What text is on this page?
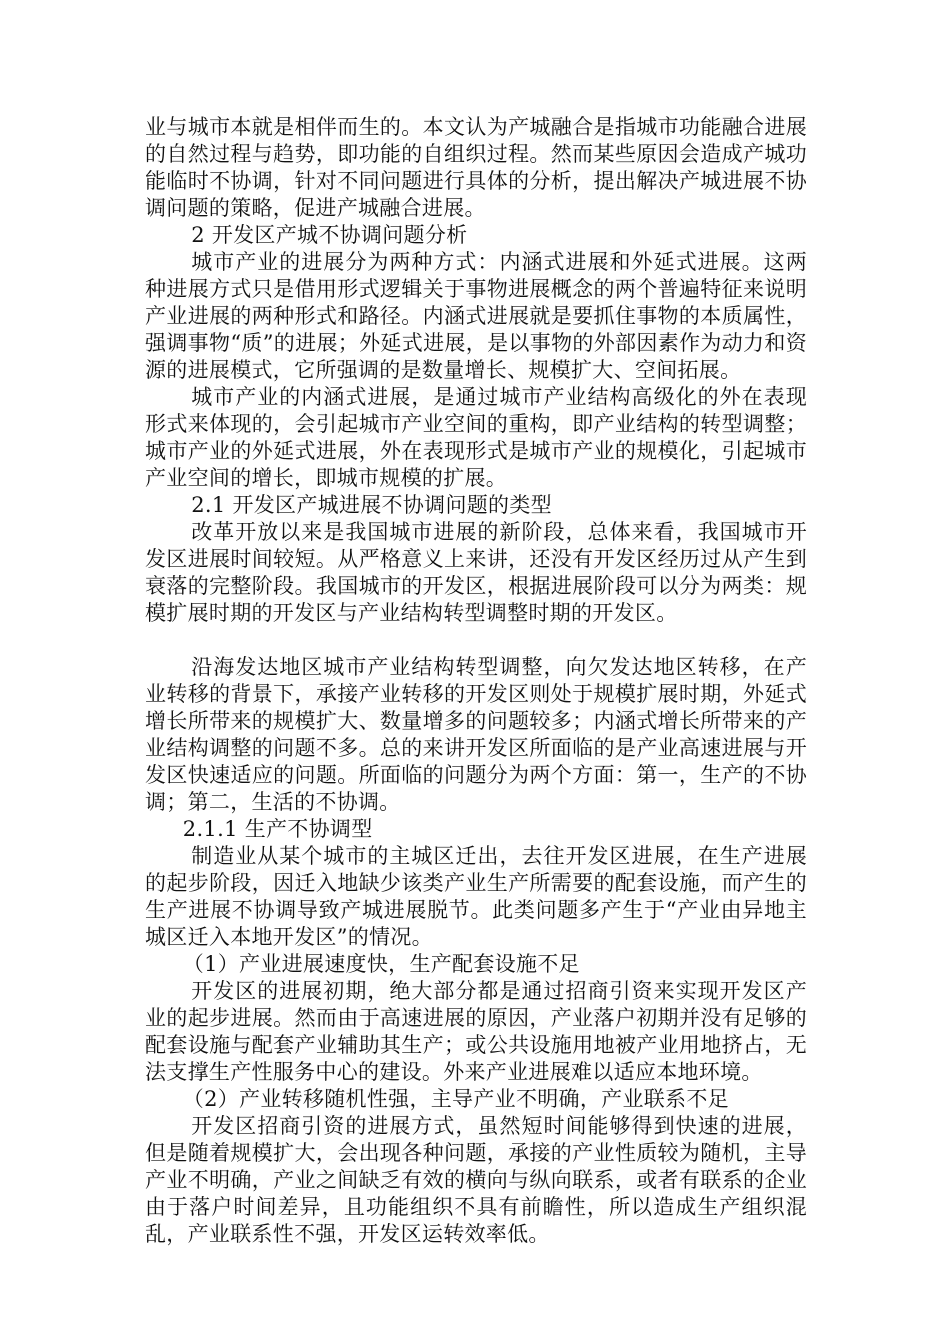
业与城市本就是相伴而生的。本文认为产城融合是指城市功能融合进展的自然过程与趋势，即功能的自组织过程。然而某些原因会造成产城功能临时不协调，针对不同问题进行具体的分析，提出解决产城进展不协调问题的策略，促进产城融合进展。

2 开发区产城不协调问题分析

城市产业的进展分为两种方式：内涵式进展和外延式进展。这两种进展方式只是借用形式逻辑关于事物进展概念的两个普遍特征来说明产业进展的两种形式和路径。内涵式进展就是要抓住事物的本质属性，强调事物“质”的进展；外延式进展，是以事物的外部因素作为动力和资源的进展模式，它所强调的是数量增长、规模扩大、空间拓展。

城市产业的内涵式进展，是通过城市产业结构高级化的外在表现形式来体现的，会引起城市产业空间的重构，即产业结构的转型调整；城市产业的外延式进展，外在表现形式是城市产业的规模化，引起城市产业空间的增长，即城市规模的扩展。

2.1 开发区产城进展不协调问题的类型

改革开放以来是我国城市进展的新阶段，总体来看，我国城市开发区进展时间较短。从严格意义上来讲，还没有开发区经历过从产生到衰落的完整阶段。我国城市的开发区，根据进展阶段可以分为两类：规模扩展时期的开发区与产业结构转型调整时期的开发区。

沿海发达地区城市产业结构转型调整，向欠发达地区转移，在产业转移的背景下，承接产业转移的开发区则处于规模扩展时期，外延式增长所带来的规模扩大、数量增多的问题较多；内涵式增长所带来的产业结构调整的问题不多。总的来讲开发区所面临的是产业高速进展与开发区快速适应的问题。所面临的问题分为两个方面：第一，生产的不协调；第二，生活的不协调。

2.1.1 生产不协调型

制造业从某个城市的主城区迁出，去往开发区进展，在生产进展的起步阶段，因迁入地缺少该类产业生产所需要的配套设施，而产生的生产进展不协调导致产城进展脱节。此类问题多产生于“产业由异地主城区迁入本地开发区”的情况。

（1）产业进展速度快，生产配套设施不足

开发区的进展初期，绝大部分都是通过招商引资来实现开发区产业的起步进展。然而由于高速进展的原因，产业落户初期并没有足够的配套设施与配套产业辅助其生产；或公共设施用地被产业用地挤占，无法支撑生产性服务中心的建设。外来产业进展难以适应本地环境。

（2）产业转移随机性强，主导产业不明确，产业联系不足

开发区招商引资的进展方式，虽然短时间能够得到快速的进展，但是随着规模扩大，会出现各种问题，承接的产业性质较为随机，主导产业不明确，产业之间缺乏有效的横向与纵向联系，或者有联系的企业由于落户时间差异，且功能组织不具有前瞻性，所以造成生产组织混乱，产业联系性不强，开发区运转效率低。
